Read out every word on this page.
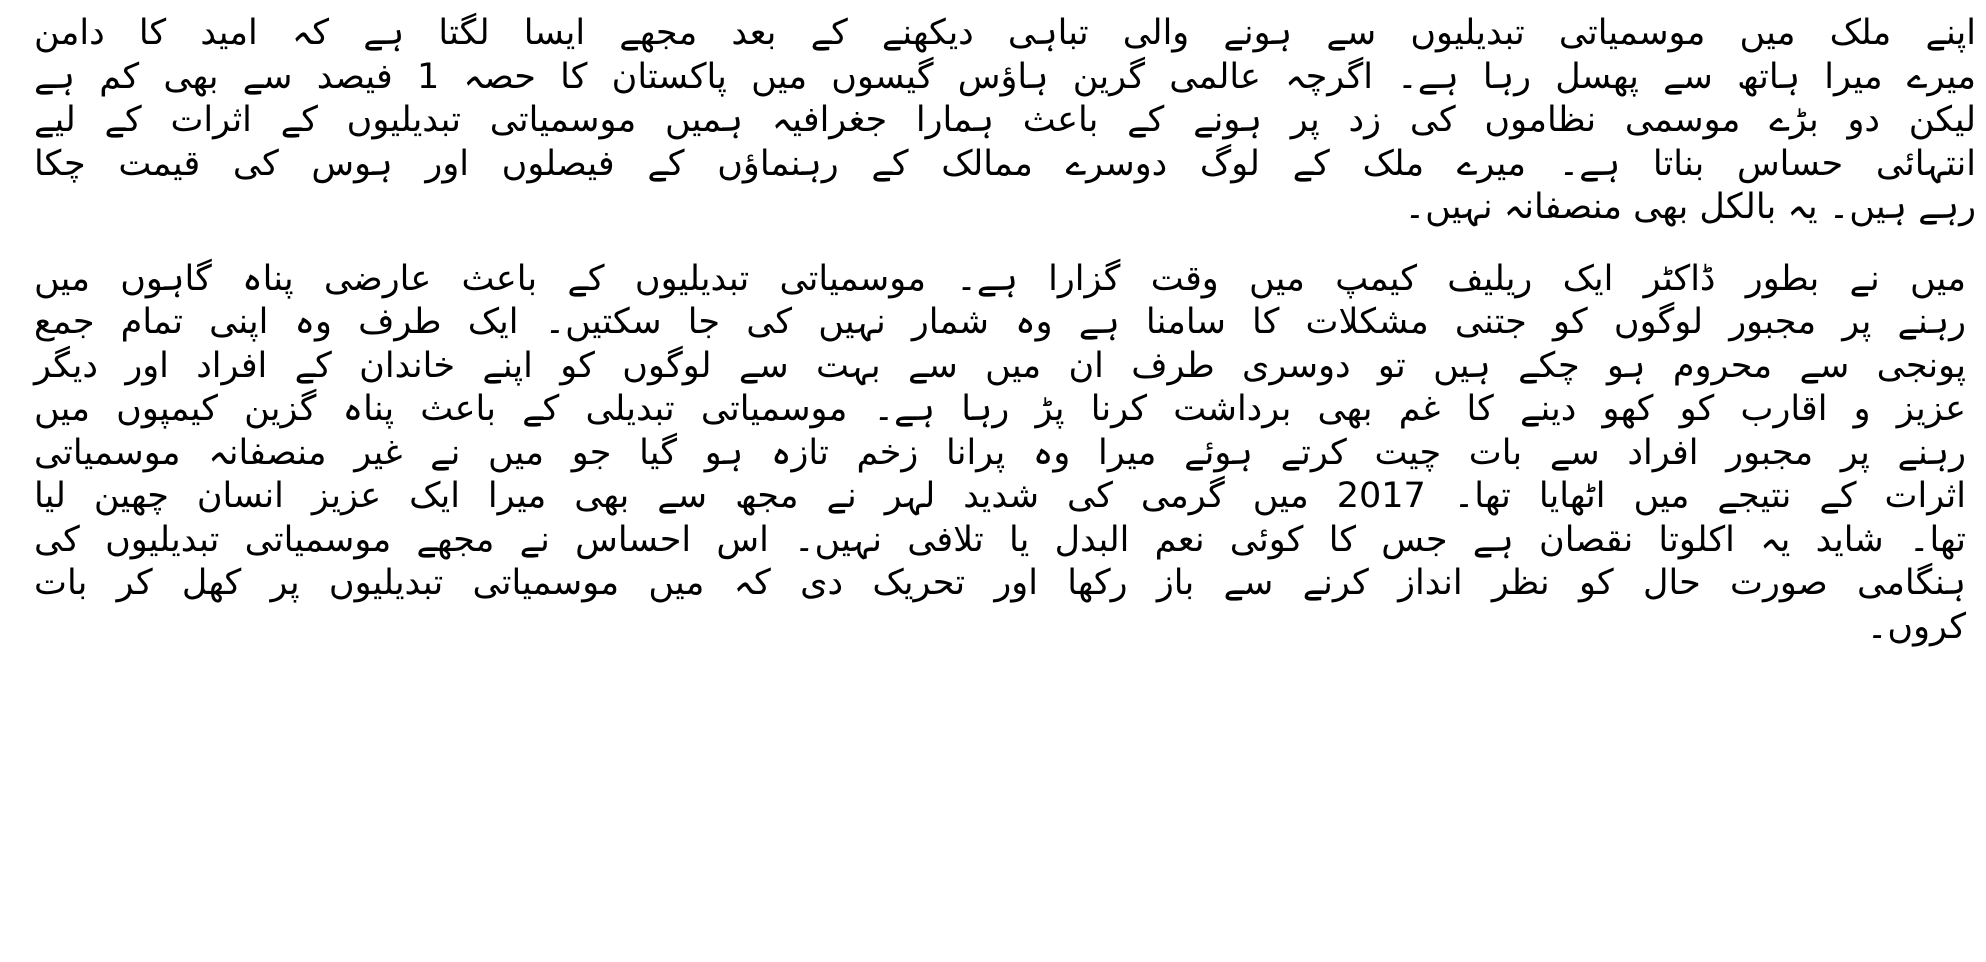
اپنے ملک میں موسمیاتی تبدیلیوں سے ہونے والی تباہی دیکھنے کے بعد مجھے ایسا لگتا ہے کہ امید کا دامن
میرے میرا ہاتھ سے پھسل رہا ہے۔ اگرچہ عالمی گرین ہاؤس گیسوں میں پاکستان کا حصہ 1 فیصد سے بھی کم ہے
لیکن دو بڑے موسمی نظاموں کی زد پر ہونے کے باعث ہمارا جغرافیہ ہمیں موسمیاتی تبدیلیوں کے اثرات کے لیے
انتہائی حساس بناتا ہے۔ میرے ملک کے لوگ دوسرے ممالک کے رہنماؤں کے فیصلوں اور ہوس کی قیمت چکا
رہے ہیں۔ یہ بالکل بھی منصفانہ نہیں۔

میں نے بطور ڈاکٹر ایک ریلیف کیمپ میں وقت گزارا ہے۔ موسمیاتی تبدیلیوں کے باعث عارضی پناہ گاہوں میں
رہنے پر مجبور لوگوں کو جتنی مشکلات کا سامنا ہے وہ شمار نہیں کی جا سکتیں۔ ایک طرف وہ اپنی تمام جمع
پونجی سے محروم ہو چکے ہیں تو دوسری طرف ان میں سے بہت سے لوگوں کو اپنے خاندان کے افراد اور دیگر
عزیز و اقارب کو کھو دینے کا غم بھی برداشت کرنا پڑ رہا ہے۔ موسمیاتی تبدیلی کے باعث پناہ گزین کیمپوں میں
رہنے پر مجبور افراد سے بات چیت کرتے ہوئے میرا وہ پرانا زخم تازہ ہو گیا جو میں نے غیر منصفانہ موسمیاتی
اثرات کے نتیجے میں اٹھایا تھا۔ 2017 میں گرمی کی شدید لہر نے مجھ سے بھی میرا ایک عزیز انسان چھین لیا
تھا۔ شاید یہ اکلوتا نقصان ہے جس کا کوئی نعم البدل یا تلافی نہیں۔ اس احساس نے مجھے موسمیاتی تبدیلیوں کی
ہنگامی صورت حال کو نظر انداز کرنے سے باز رکھا اور تحریک دی کہ میں موسمیاتی تبدیلیوں پر کھل کر بات
کروں۔
